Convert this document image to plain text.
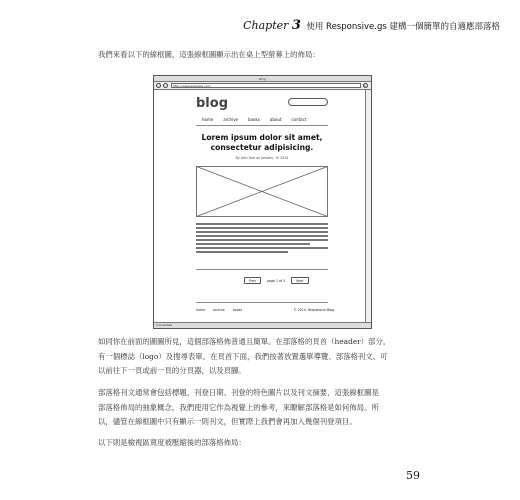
Chapter 3 使用 Responsive.gs 建構一個簡單的自適應部落格
我們來看以下的線框圖，這張線框圖顯示出在桌上型螢幕上的佈局：
Blog
‹	›	http://www.example.com	↻
blog
home	archive	books	about	contact
Lorem ipsum dolor sit amet,
consectetur adipisicing.
By John Doe on January, 15 2014
Prev	page 1 of 3	Next
home	archive	books	© 2014. Responsive.Blog
Connected
如同你在前面的圖圖所見，這個部落格佈普通且簡單。在部落格的頁首（header）部分，
有一個標誌（logo）及搜尋表單。在頁首下面，我們按著放置選單導覽、部落格刊文、可
以前往下一頁或前一頁的分頁器，以及頁腳。
部落格刊文通常會包括標題、刊登日期、刊登的特色圖片以及刊文摘要，這張線框圖是
部落格佈局的抽象概念，我們使用它作為視覺上的參考，來瞭解部落格是如何佈局。所
以，儘管在線框圖中只有顯示一則刊文，但實際上我們會再加入幾個刊登項目。
以下則是檢視區寬度被壓縮後的部落格佈局：
59
